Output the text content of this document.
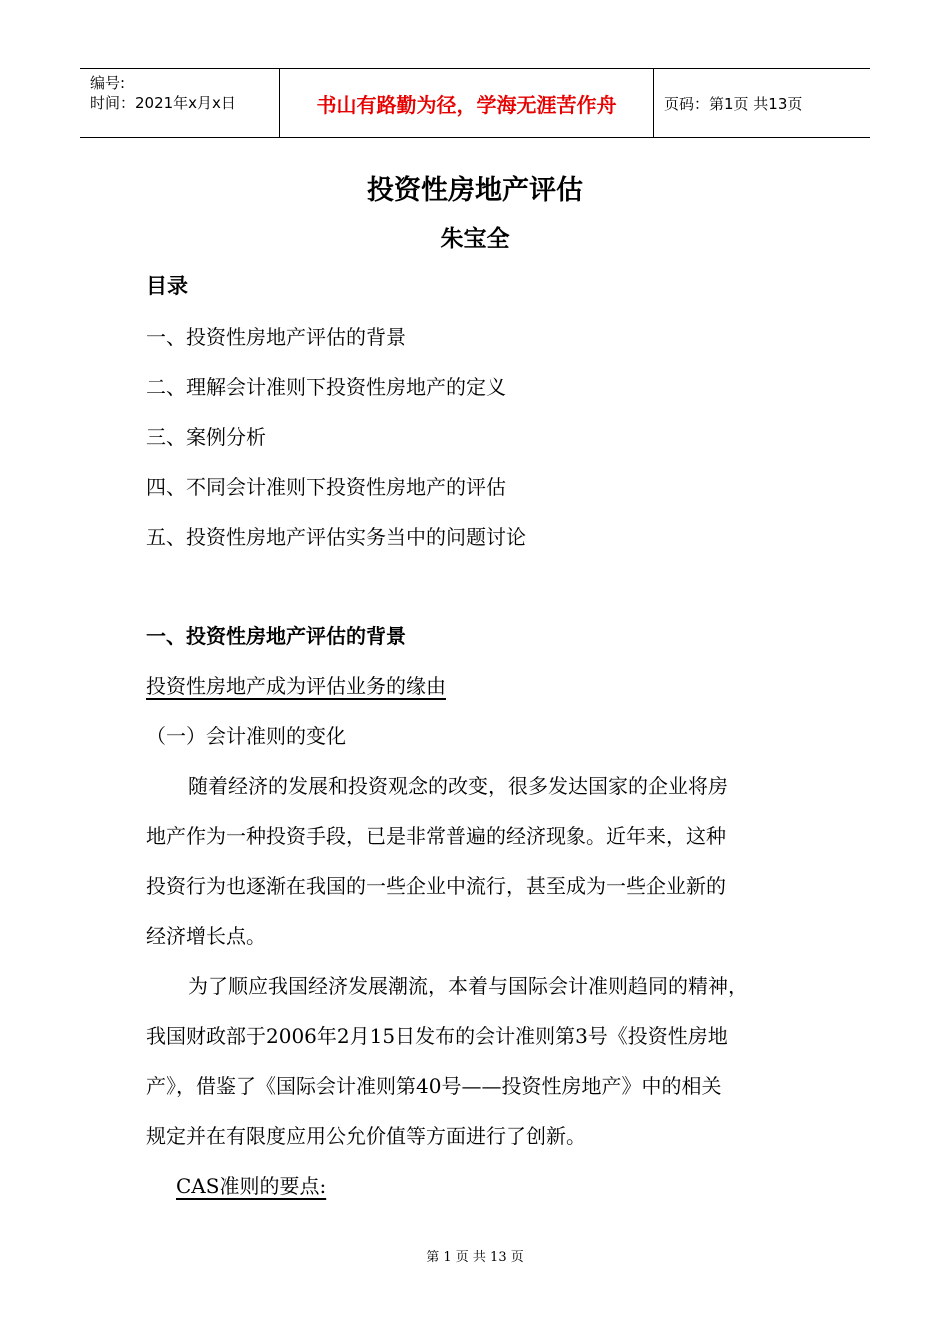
编号:
时间：2021年x月x日	书山有路勤为径，学海无涯苦作舟	页码：第1页 共13页
投资性房地产评估
朱宝全
目录
一、投资性房地产评估的背景
二、理解会计准则下投资性房地产的定义
三、案例分析
四、不同会计准则下投资性房地产的评估
五、投资性房地产评估实务当中的问题讨论
一、投资性房地产评估的背景
投资性房地产成为评估业务的缘由
（一）会计准则的变化
随着经济的发展和投资观念的改变，很多发达国家的企业将房
地产作为一种投资手段，已是非常普遍的经济现象。近年来，这种
投资行为也逐渐在我国的一些企业中流行，甚至成为一些企业新的
经济增长点。
为了顺应我国经济发展潮流，本着与国际会计准则趋同的精神，
我国财政部于2006年2月15日发布的会计准则第3号《投资性房地
产》，借鉴了《国际会计准则第40号——投资性房地产》中的相关
规定并在有限度应用公允价值等方面进行了创新。
CAS准则的要点:
第 1 页 共 13 页
